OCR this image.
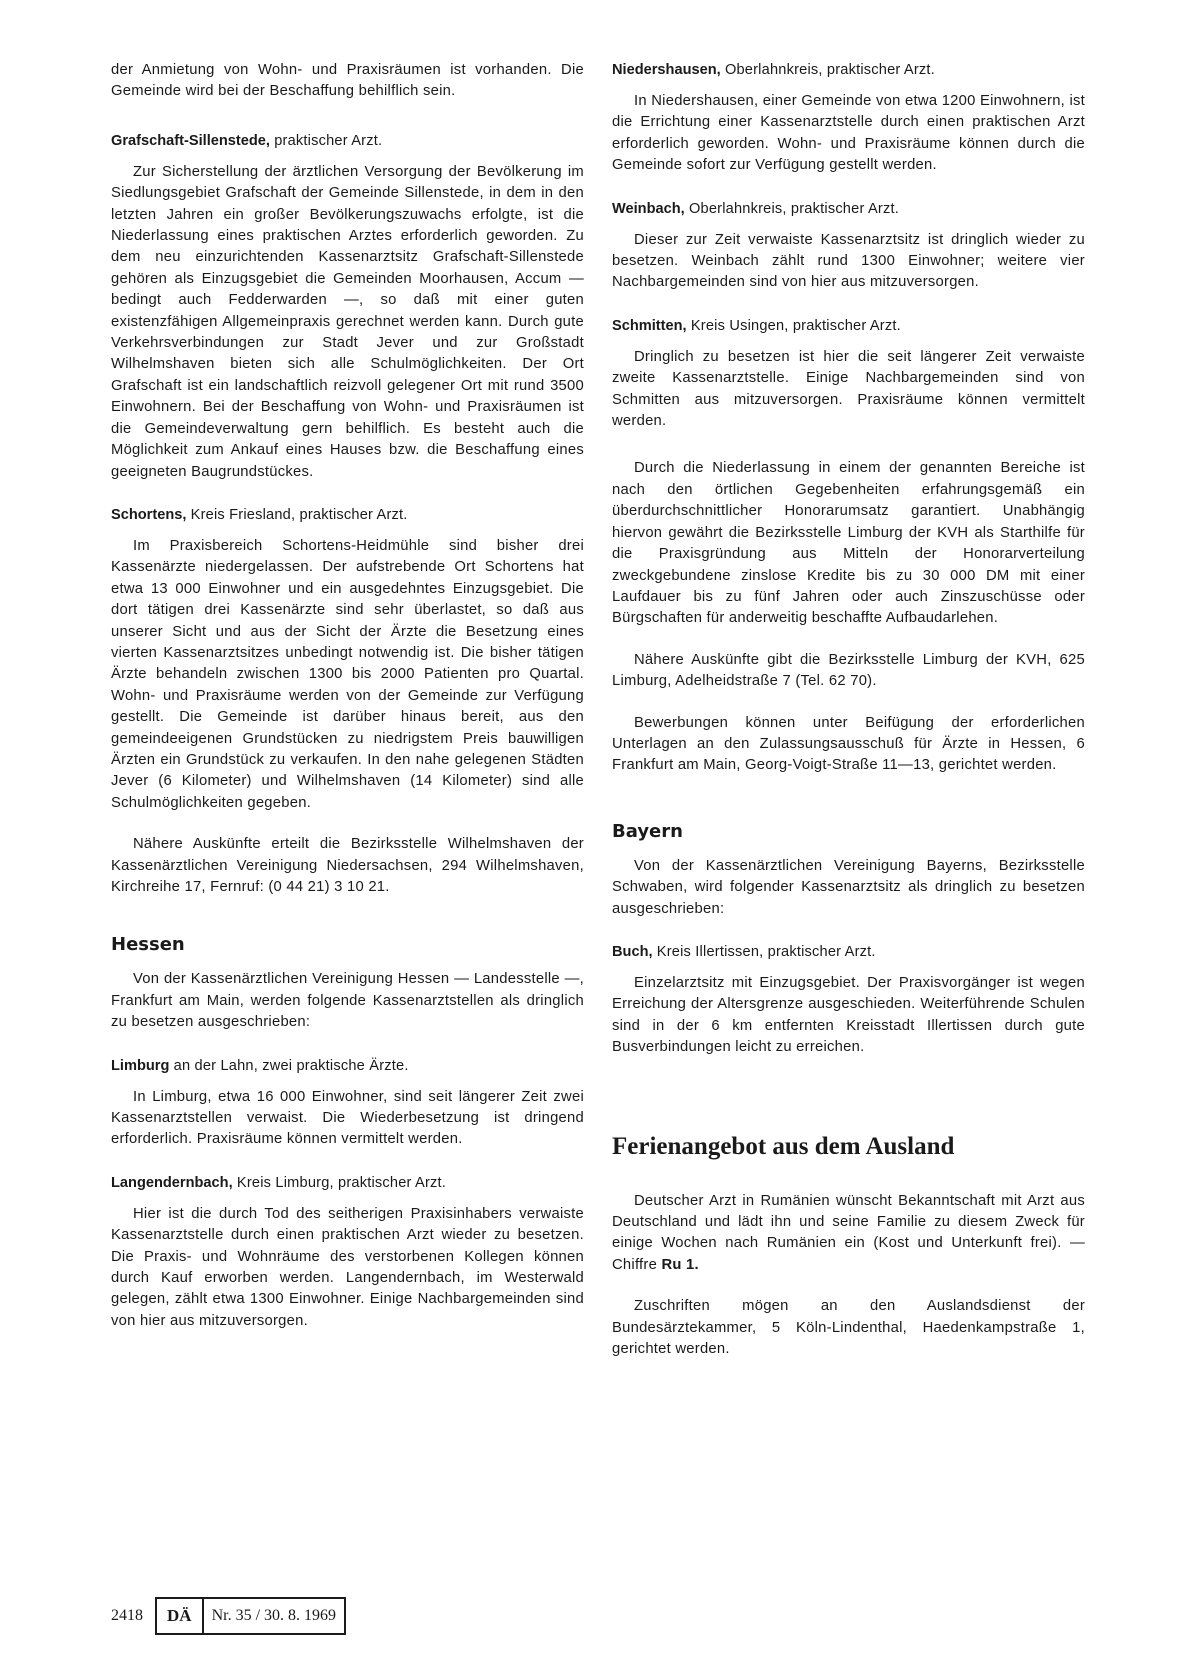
der Anmietung von Wohn- und Praxisräumen ist vorhanden. Die Gemeinde wird bei der Beschaffung behilflich sein.

Grafschaft-Sillenstede, praktischer Arzt.

Zur Sicherstellung der ärztlichen Versorgung der Bevölkerung im Siedlungsgebiet Grafschaft der Gemeinde Sillenstede, in dem in den letzten Jahren ein großer Bevölkerungszuwachs erfolgte, ist die Niederlassung eines praktischen Arztes erforderlich geworden. Zu dem neu einzurichtenden Kassenarztsitz Grafschaft-Sillenstede gehören als Einzugsgebiet die Gemeinden Moorhausen, Accum — bedingt auch Fedderwarden —, so daß mit einer guten existenzfähigen Allgemeinpraxis gerechnet werden kann. Durch gute Verkehrsverbindungen zur Stadt Jever und zur Großstadt Wilhelmshaven bieten sich alle Schulmöglichkeiten. Der Ort Grafschaft ist ein landschaftlich reizvoll gelegener Ort mit rund 3500 Einwohnern. Bei der Beschaffung von Wohn- und Praxisräumen ist die Gemeindeverwaltung gern behilflich. Es besteht auch die Möglichkeit zum Ankauf eines Hauses bzw. die Beschaffung eines geeigneten Baugrundstückes.

Schortens, Kreis Friesland, praktischer Arzt.

Im Praxisbereich Schortens-Heidmühle sind bisher drei Kassenärzte niedergelassen. Der aufstrebende Ort Schortens hat etwa 13 000 Einwohner und ein ausgedehntes Einzugsgebiet. Die dort tätigen drei Kassenärzte sind sehr überlastet, so daß aus unserer Sicht und aus der Sicht der Ärzte die Besetzung eines vierten Kassenarztsitzes unbedingt notwendig ist. Die bisher tätigen Ärzte behandeln zwischen 1300 bis 2000 Patienten pro Quartal. Wohn- und Praxisräume werden von der Gemeinde zur Verfügung gestellt. Die Gemeinde ist darüber hinaus bereit, aus den gemeindeeigenen Grundstücken zu niedrigstem Preis bauwilligen Ärzten ein Grundstück zu verkaufen. In den nahe gelegenen Städten Jever (6 Kilometer) und Wilhelmshaven (14 Kilometer) sind alle Schulmöglichkeiten gegeben.

Nähere Auskünfte erteilt die Bezirksstelle Wilhelmshaven der Kassenärztlichen Vereinigung Niedersachsen, 294 Wilhelmshaven, Kirchreihe 17, Fernruf: (0 44 21) 3 10 21.

Hessen

Von der Kassenärztlichen Vereinigung Hessen — Landesstelle —, Frankfurt am Main, werden folgende Kassenarztstellen als dringlich zu besetzen ausgeschrieben:

Limburg an der Lahn, zwei praktische Ärzte.

In Limburg, etwa 16 000 Einwohner, sind seit längerer Zeit zwei Kassenarztstellen verwaist. Die Wiederbesetzung ist dringend erforderlich. Praxisräume können vermittelt werden.

Langendernbach, Kreis Limburg, praktischer Arzt.

Hier ist die durch Tod des seitherigen Praxisinhabers verwaiste Kassenarztstelle durch einen praktischen Arzt wieder zu besetzen. Die Praxis- und Wohnräume des verstorbenen Kollegen können durch Kauf erworben werden. Langendernbach, im Westerwald gelegen, zählt etwa 1300 Einwohner. Einige Nachbargemeinden sind von hier aus mitzuversorgen.

Niedershausen, Oberlahnkreis, praktischer Arzt.

In Niedershausen, einer Gemeinde von etwa 1200 Einwohnern, ist die Errichtung einer Kassenarztstelle durch einen praktischen Arzt erforderlich geworden. Wohn- und Praxisräume können durch die Gemeinde sofort zur Verfügung gestellt werden.

Weinbach, Oberlahnkreis, praktischer Arzt.

Dieser zur Zeit verwaiste Kassenarztsitz ist dringlich wieder zu besetzen. Weinbach zählt rund 1300 Einwohner; weitere vier Nachbargemeinden sind von hier aus mitzuversorgen.

Schmitten, Kreis Usingen, praktischer Arzt.

Dringlich zu besetzen ist hier die seit längerer Zeit verwaiste zweite Kassenarztstelle. Einige Nachbargemeinden sind von Schmitten aus mitzuversorgen. Praxisräume können vermittelt werden.

Durch die Niederlassung in einem der genannten Bereiche ist nach den örtlichen Gegebenheiten erfahrungsgemäß ein überdurchschnittlicher Honorarumsatz garantiert. Unabhängig hiervon gewährt die Bezirksstelle Limburg der KVH als Starthilfe für die Praxisgründung aus Mitteln der Honorarverteilung zweckgebundene zinslose Kredite bis zu 30 000 DM mit einer Laufdauer bis zu fünf Jahren oder auch Zinszuschüsse oder Bürgschaften für anderweitig beschaffte Aufbaudarlehen.

Nähere Auskünfte gibt die Bezirksstelle Limburg der KVH, 625 Limburg, Adelheidstraße 7 (Tel. 62 70).

Bewerbungen können unter Beifügung der erforderlichen Unterlagen an den Zulassungsausschuß für Ärzte in Hessen, 6 Frankfurt am Main, Georg-Voigt-Straße 11—13, gerichtet werden.

Bayern

Von der Kassenärztlichen Vereinigung Bayerns, Bezirksstelle Schwaben, wird folgender Kassenarztsitz als dringlich zu besetzen ausgeschrieben:

Buch, Kreis Illertissen, praktischer Arzt.

Einzelarztsitz mit Einzugsgebiet. Der Praxisvorgänger ist wegen Erreichung der Altersgrenze ausgeschieden. Weiterführende Schulen sind in der 6 km entfernten Kreisstadt Illertissen durch gute Busverbindungen leicht zu erreichen.

Ferienangebot aus dem Ausland

Deutscher Arzt in Rumänien wünscht Bekanntschaft mit Arzt aus Deutschland und lädt ihn und seine Familie zu diesem Zweck für einige Wochen nach Rumänien ein (Kost und Unterkunft frei). — Chiffre Ru 1.

Zuschriften mögen an den Auslandsdienst der Bundesärztekammer, 5 Köln-Lindenthal, Haedenkampstraße 1, gerichtet werden.

2418	DÄ	Nr. 35 / 30. 8. 1969
